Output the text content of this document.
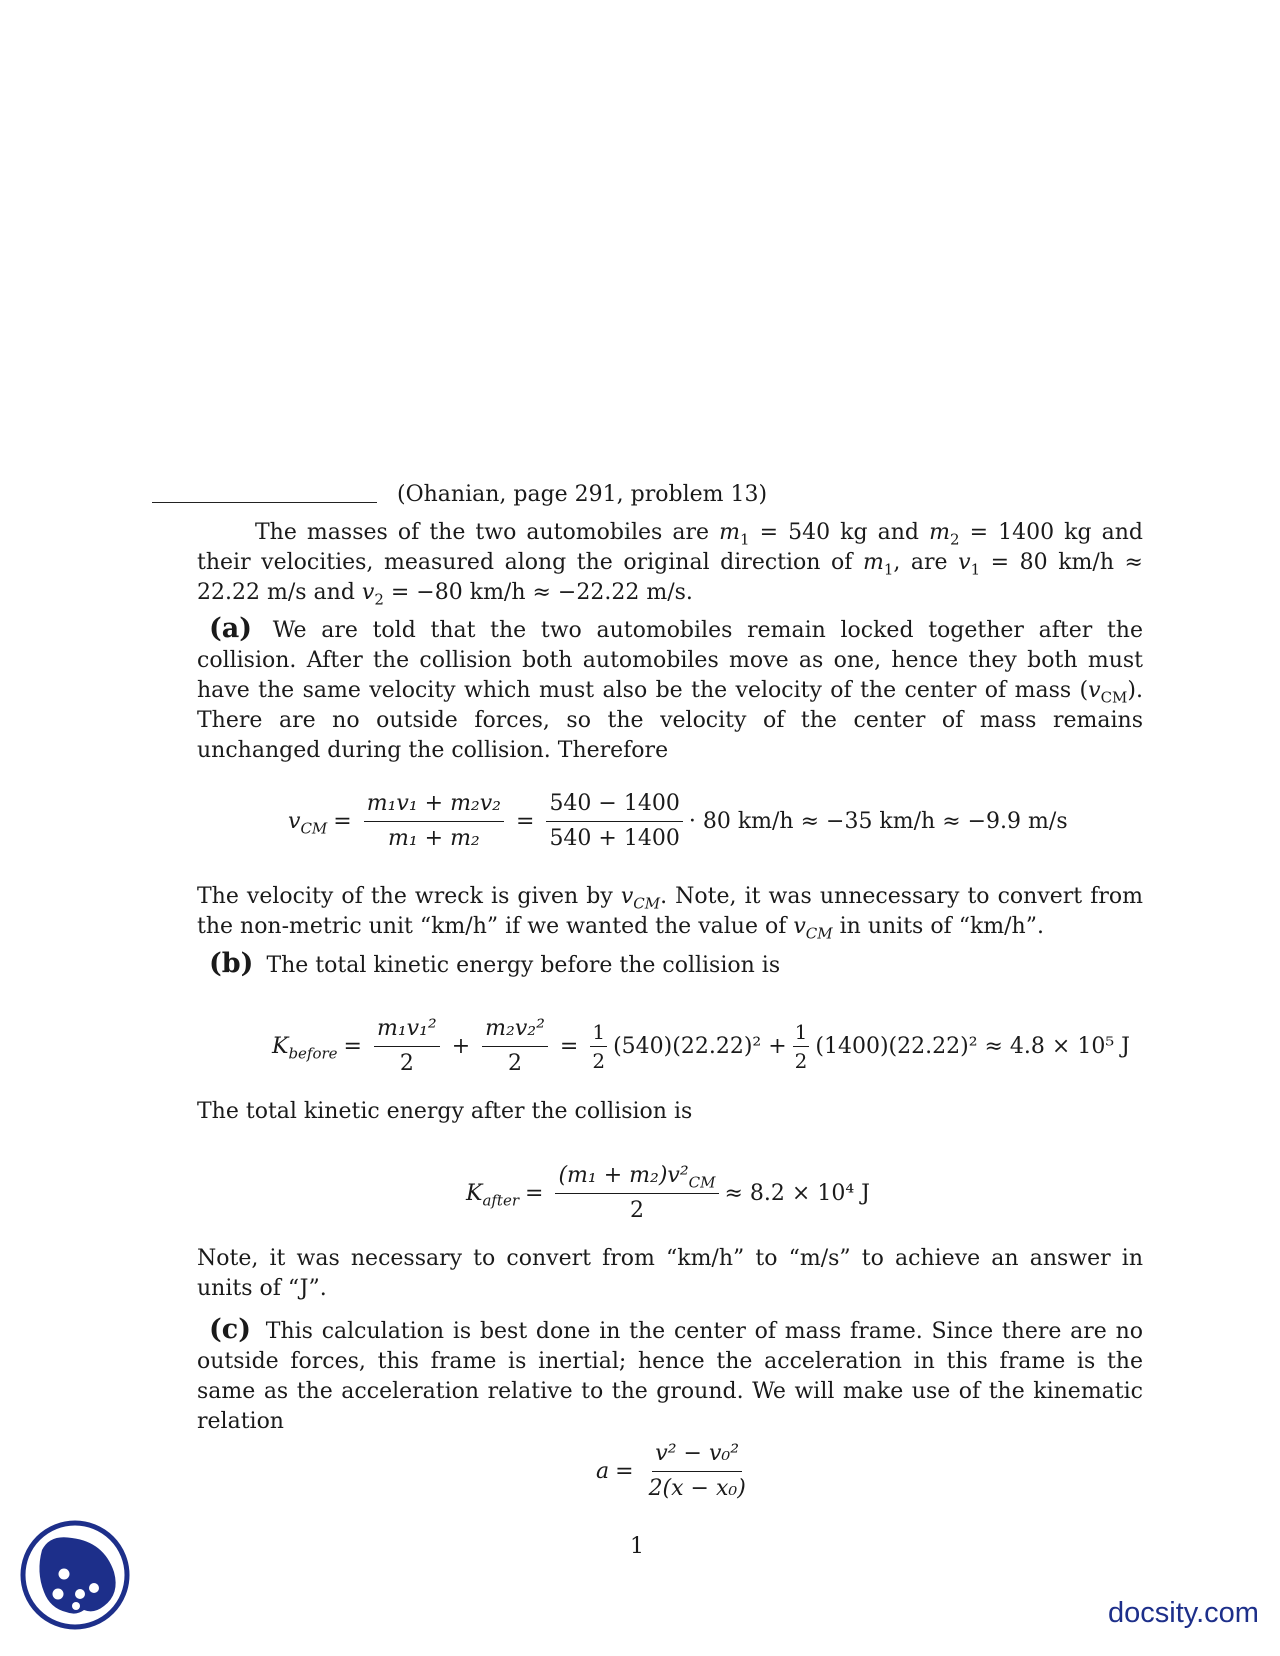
(Ohanian, page 291, problem 13)
The masses of the two automobiles are $m_1 = 540$ kg and $m_2 = 1400$ kg and their velocities, measured along the original direction of $m_1$, are $v_1 = 80$ km/h ≈ 22.22 m/s and $v_2 = -80$ km/h ≈ −22.22 m/s.
(a) We are told that the two automobiles remain locked together after the collision. After the collision both automobiles move as one, hence they both must have the same velocity which must also be the velocity of the center of mass $(v_{CM})$. There are no outside forces, so the velocity of the center of mass remains unchanged during the collision. Therefore
$v_{CM} = \frac{\text{m₁v₁ + m₂v₂}}{\text{m₁ + m₂}} = \frac{540 - 1400}{540 + 1400} \cdot 80$ km/h ≈ −35 km/h ≈ −9.9 m/s
The velocity of the wreck is given by $v_{CM}$. Note, it was unnecessary to convert from the non-metric unit “km/h” if we wanted the value of $v_{CM}$ in units of “km/h”.
(b) The total kinetic energy before the collision is
$K_{before} = \frac{\text{m₁v₁²}}{2} + \frac{\text{m₂v₂²}}{2} = \frac{1}{2} (540)(22.22)^2 + \frac{1}{2} (1400)(22.22)^2 \approx 4.8 \times 10^5$ J
The total kinetic energy after the collision is
$K_{after} = \frac{(m_1 + m_2)v^2_{CM}}{2} \approx 8.2 \times 10^4$ J
Note, it was necessary to convert from “km/h” to “m/s” to achieve an answer in units of “J”.
(c) This calculation is best done in the center of mass frame. Since there are no outside forces, this frame is inertial; hence the acceleration in this frame is the same as the acceleration relative to the ground. We will make use of the kinematic relation
$a = \frac{\text{v² − v₀²}}{\text{2(x − x₀)}}$
1
docsity.com
